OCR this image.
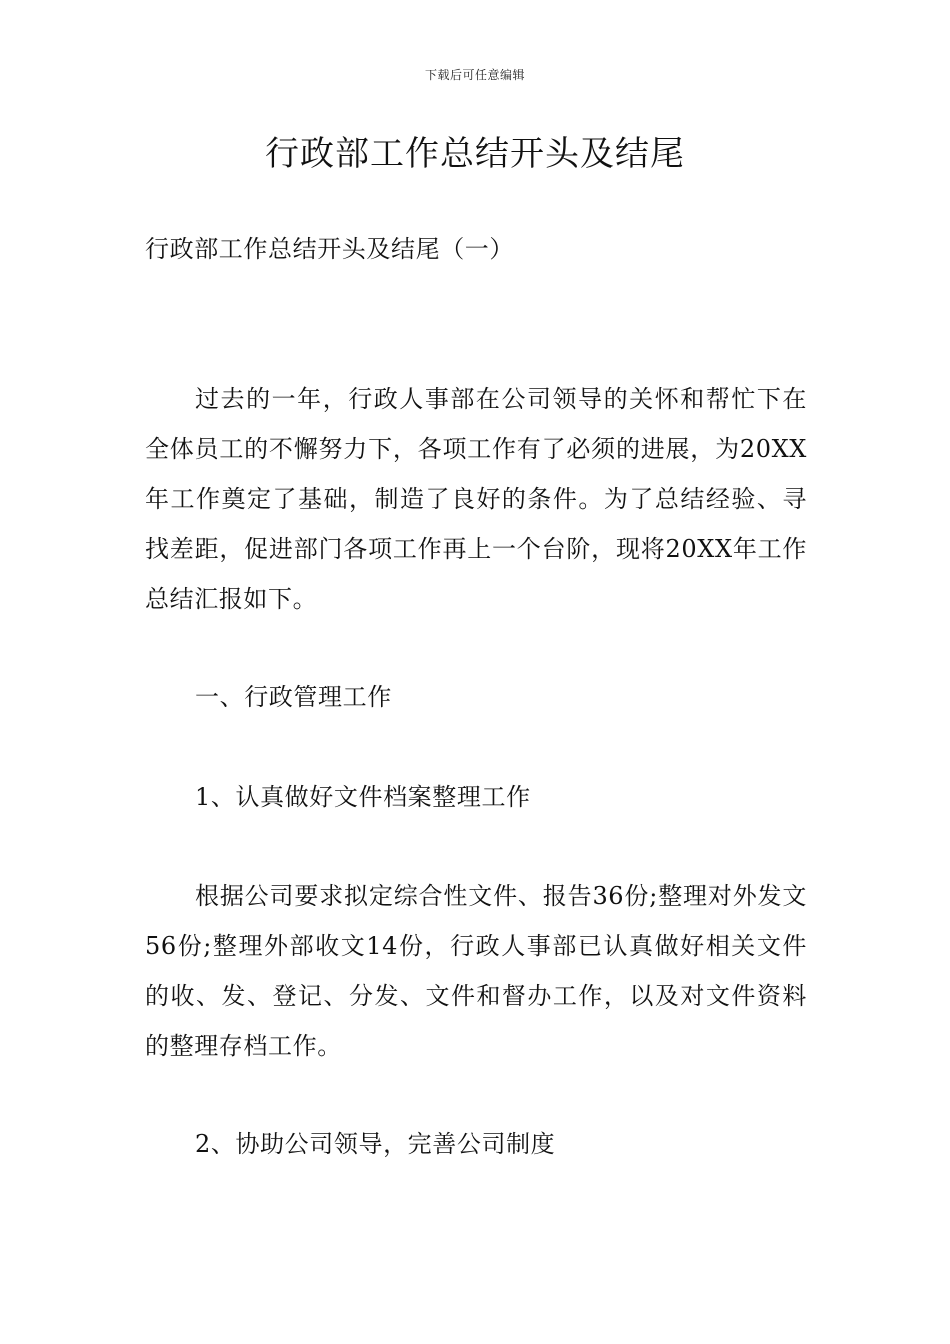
下载后可任意编辑
行政部工作总结开头及结尾

行政部工作总结开头及结尾（一）

过去的一年，行政人事部在公司领导的关怀和帮忙下在全体员工的不懈努力下，各项工作有了必须的进展，为20XX年工作奠定了基础，制造了良好的条件。为了总结经验、寻找差距，促进部门各项工作再上一个台阶，现将20XX年工作总结汇报如下。

一、行政管理工作

1、认真做好文件档案整理工作

根据公司要求拟定综合性文件、报告36份;整理对外发文56份;整理外部收文14份，行政人事部已认真做好相关文件的收、发、登记、分发、文件和督办工作，以及对文件资料的整理存档工作。

2、协助公司领导，完善公司制度
